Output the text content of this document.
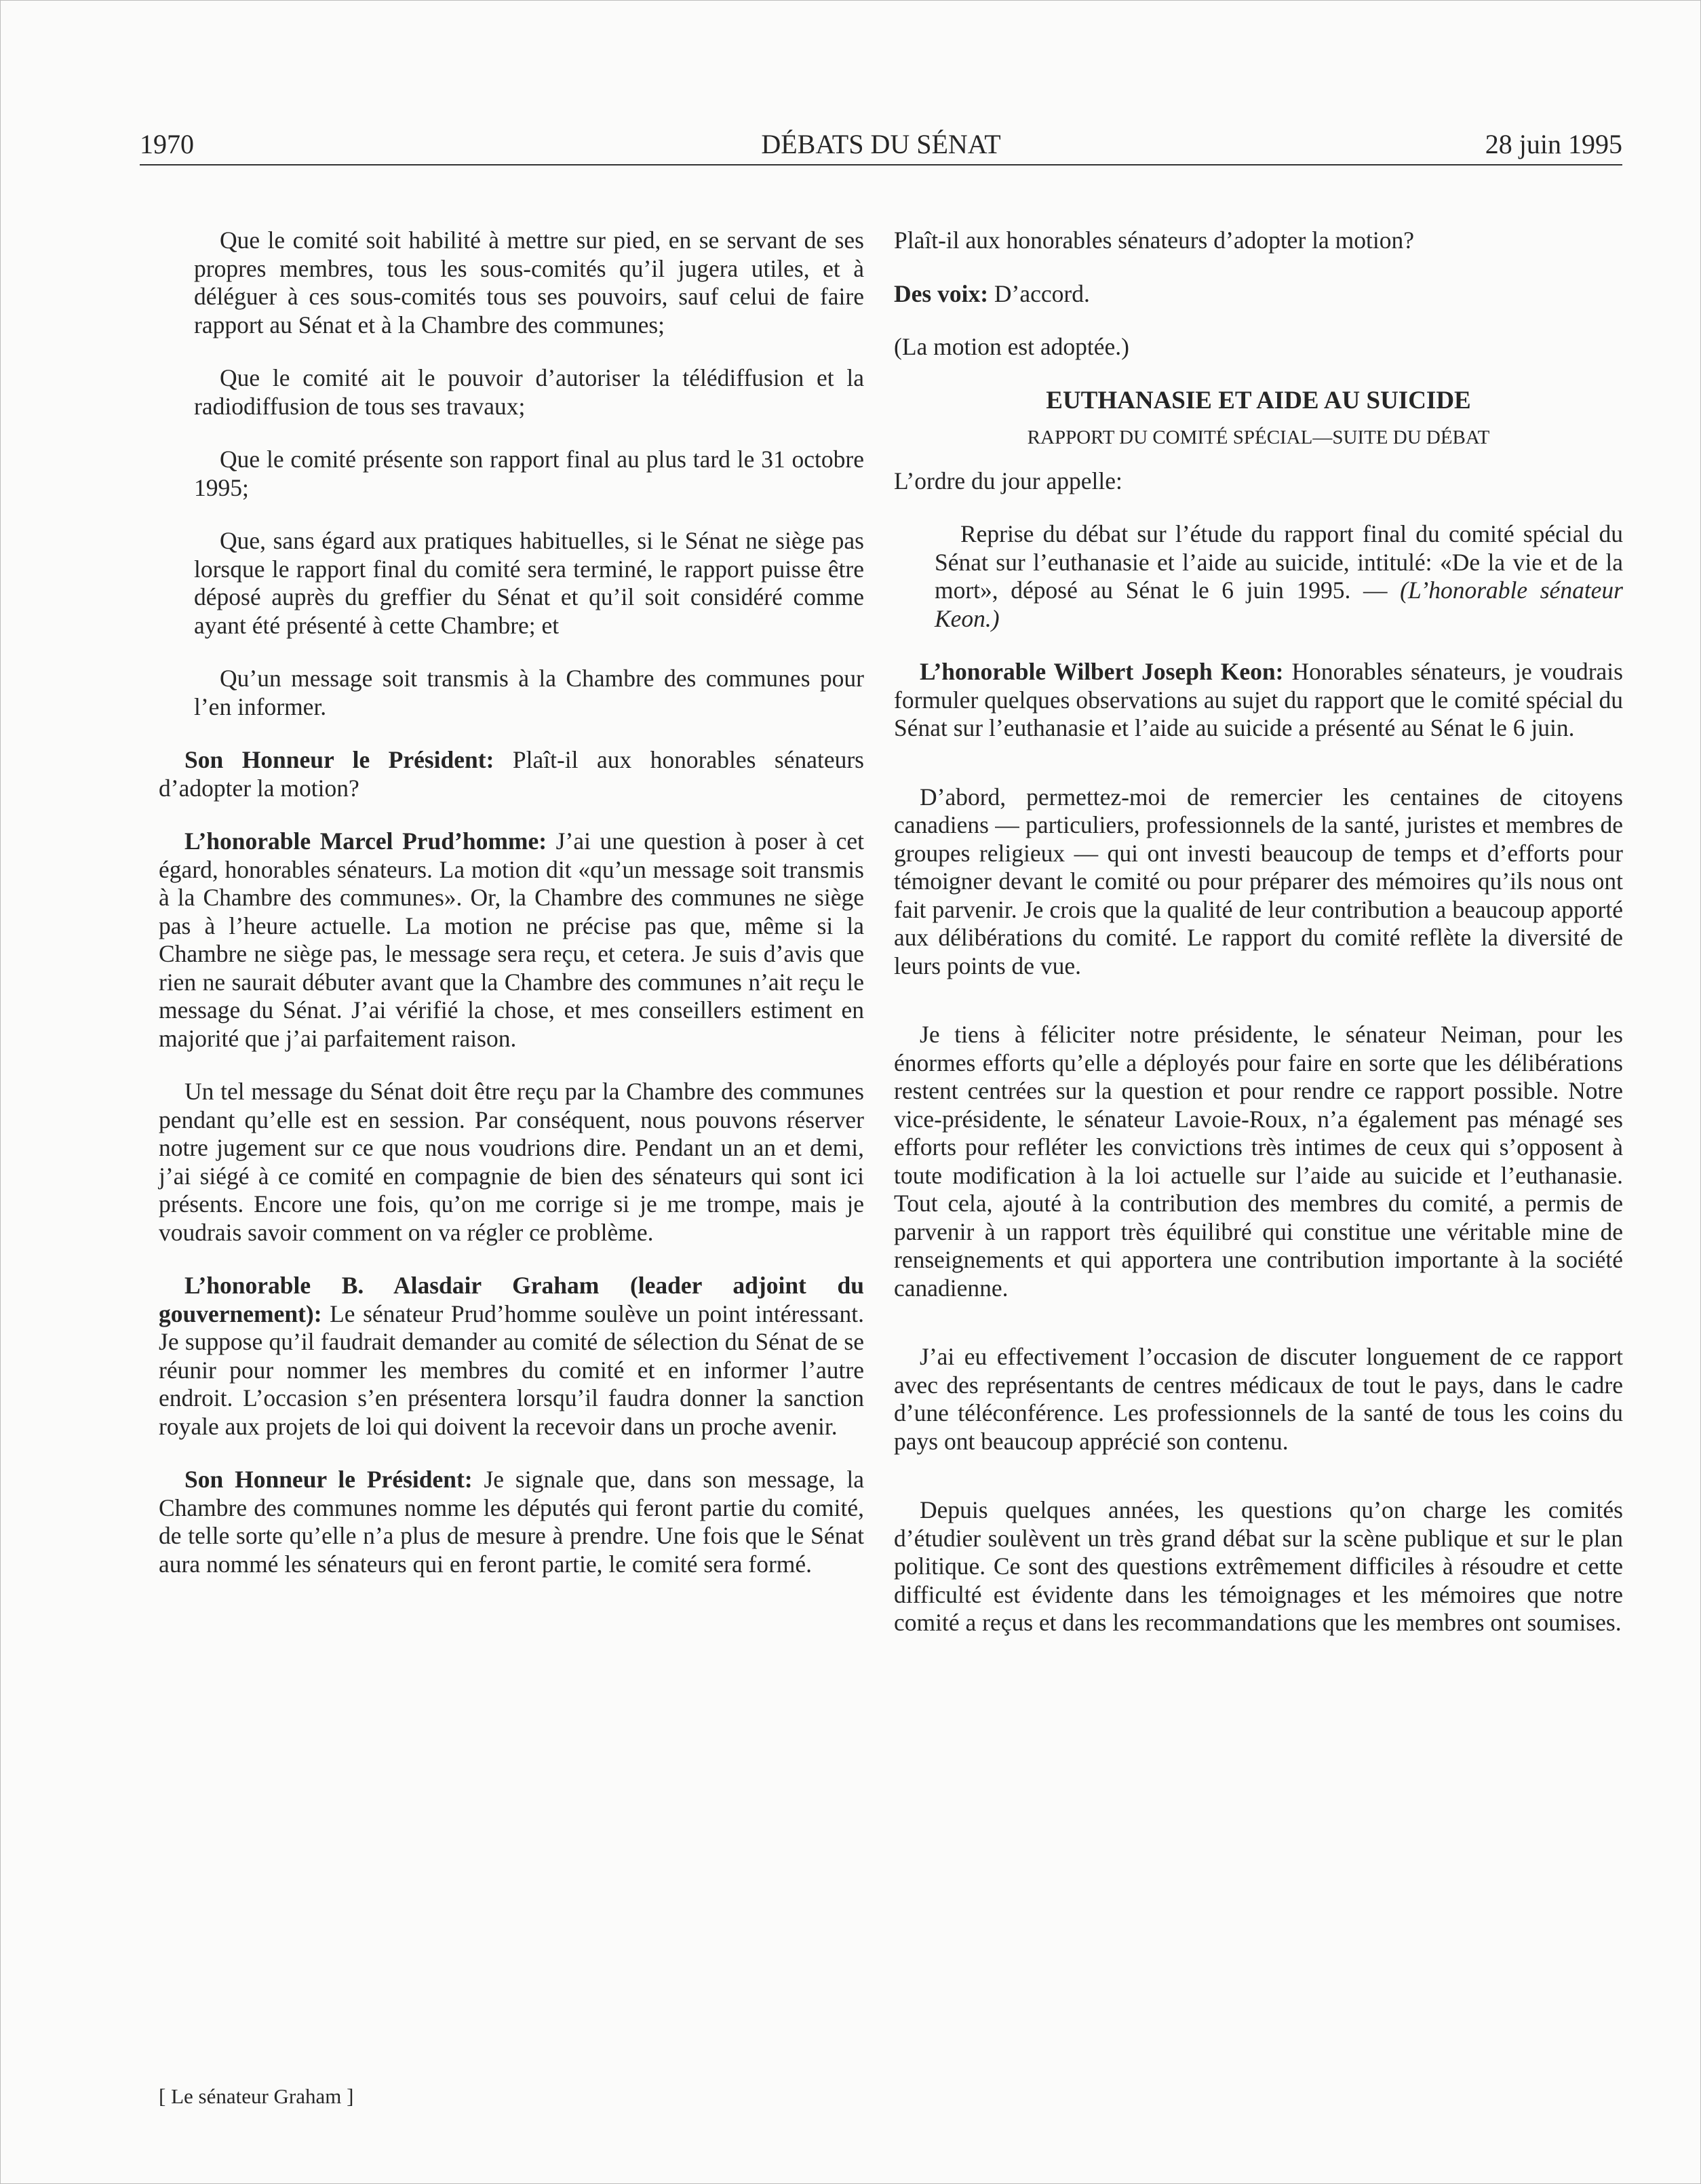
1970	DÉBATS DU SÉNAT	28 juin 1995

Que le comité soit habilité à mettre sur pied, en se servant de ses propres membres, tous les sous-comités qu’il jugera utiles, et à déléguer à ces sous-comités tous ses pouvoirs, sauf celui de faire rapport au Sénat et à la Chambre des communes;

Que le comité ait le pouvoir d’autoriser la télédiffusion et la radiodiffusion de tous ses travaux;

Que le comité présente son rapport final au plus tard le 31 octobre 1995;

Que, sans égard aux pratiques habituelles, si le Sénat ne siège pas lorsque le rapport final du comité sera terminé, le rapport puisse être déposé auprès du greffier du Sénat et qu’il soit considéré comme ayant été présenté à cette Chambre; et

Qu’un message soit transmis à la Chambre des communes pour l’en informer.

Son Honneur le Président: Plaît-il aux honorables sénateurs d’adopter la motion?

L’honorable Marcel Prud’homme: J’ai une question à poser à cet égard, honorables sénateurs. La motion dit «qu’un message soit transmis à la Chambre des communes». Or, la Chambre des communes ne siège pas à l’heure actuelle. La motion ne précise pas que, même si la Chambre ne siège pas, le message sera reçu, et cetera. Je suis d’avis que rien ne saurait débuter avant que la Chambre des communes n’ait reçu le message du Sénat. J’ai vérifié la chose, et mes conseillers estiment en majorité que j’ai parfaitement raison.

Un tel message du Sénat doit être reçu par la Chambre des communes pendant qu’elle est en session. Par conséquent, nous pouvons réserver notre jugement sur ce que nous voudrions dire. Pendant un an et demi, j’ai siégé à ce comité en compagnie de bien des sénateurs qui sont ici présents. Encore une fois, qu’on me corrige si je me trompe, mais je voudrais savoir comment on va régler ce problème.

L’honorable B. Alasdair Graham (leader adjoint du gouvernement): Le sénateur Prud’homme soulève un point intéressant. Je suppose qu’il faudrait demander au comité de sélection du Sénat de se réunir pour nommer les membres du comité et en informer l’autre endroit. L’occasion s’en présentera lorsqu’il faudra donner la sanction royale aux projets de loi qui doivent la recevoir dans un proche avenir.

Son Honneur le Président: Je signale que, dans son message, la Chambre des communes nomme les députés qui feront partie du comité, de telle sorte qu’elle n’a plus de mesure à prendre. Une fois que le Sénat aura nommé les sénateurs qui en feront partie, le comité sera formé.

Plaît-il aux honorables sénateurs d’adopter la motion?

Des voix: D’accord.

(La motion est adoptée.)

EUTHANASIE ET AIDE AU SUICIDE

RAPPORT DU COMITÉ SPÉCIAL—SUITE DU DÉBAT

L’ordre du jour appelle:

Reprise du débat sur l’étude du rapport final du comité spécial du Sénat sur l’euthanasie et l’aide au suicide, intitulé: «De la vie et de la mort», déposé au Sénat le 6 juin 1995. — (L’honorable sénateur Keon.)

L’honorable Wilbert Joseph Keon: Honorables sénateurs, je voudrais formuler quelques observations au sujet du rapport que le comité spécial du Sénat sur l’euthanasie et l’aide au suicide a présenté au Sénat le 6 juin.

D’abord, permettez-moi de remercier les centaines de citoyens canadiens — particuliers, professionnels de la santé, juristes et membres de groupes religieux — qui ont investi beaucoup de temps et d’efforts pour témoigner devant le comité ou pour préparer des mémoires qu’ils nous ont fait parvenir. Je crois que la qualité de leur contribution a beaucoup apporté aux délibérations du comité. Le rapport du comité reflète la diversité de leurs points de vue.

Je tiens à féliciter notre présidente, le sénateur Neiman, pour les énormes efforts qu’elle a déployés pour faire en sorte que les délibérations restent centrées sur la question et pour rendre ce rapport possible. Notre vice-présidente, le sénateur Lavoie-Roux, n’a également pas ménagé ses efforts pour refléter les convictions très intimes de ceux qui s’opposent à toute modification à la loi actuelle sur l’aide au suicide et l’euthanasie. Tout cela, ajouté à la contribution des membres du comité, a permis de parvenir à un rapport très équilibré qui constitue une véritable mine de renseignements et qui apportera une contribution importante à la société canadienne.

J’ai eu effectivement l’occasion de discuter longuement de ce rapport avec des représentants de centres médicaux de tout le pays, dans le cadre d’une téléconférence. Les professionnels de la santé de tous les coins du pays ont beaucoup apprécié son contenu.

Depuis quelques années, les questions qu’on charge les comités d’étudier soulèvent un très grand débat sur la scène publique et sur le plan politique. Ce sont des questions extrêmement difficiles à résoudre et cette difficulté est évidente dans les témoignages et les mémoires que notre comité a reçus et dans les recommandations que les membres ont soumises.

[ Le sénateur Graham ]
